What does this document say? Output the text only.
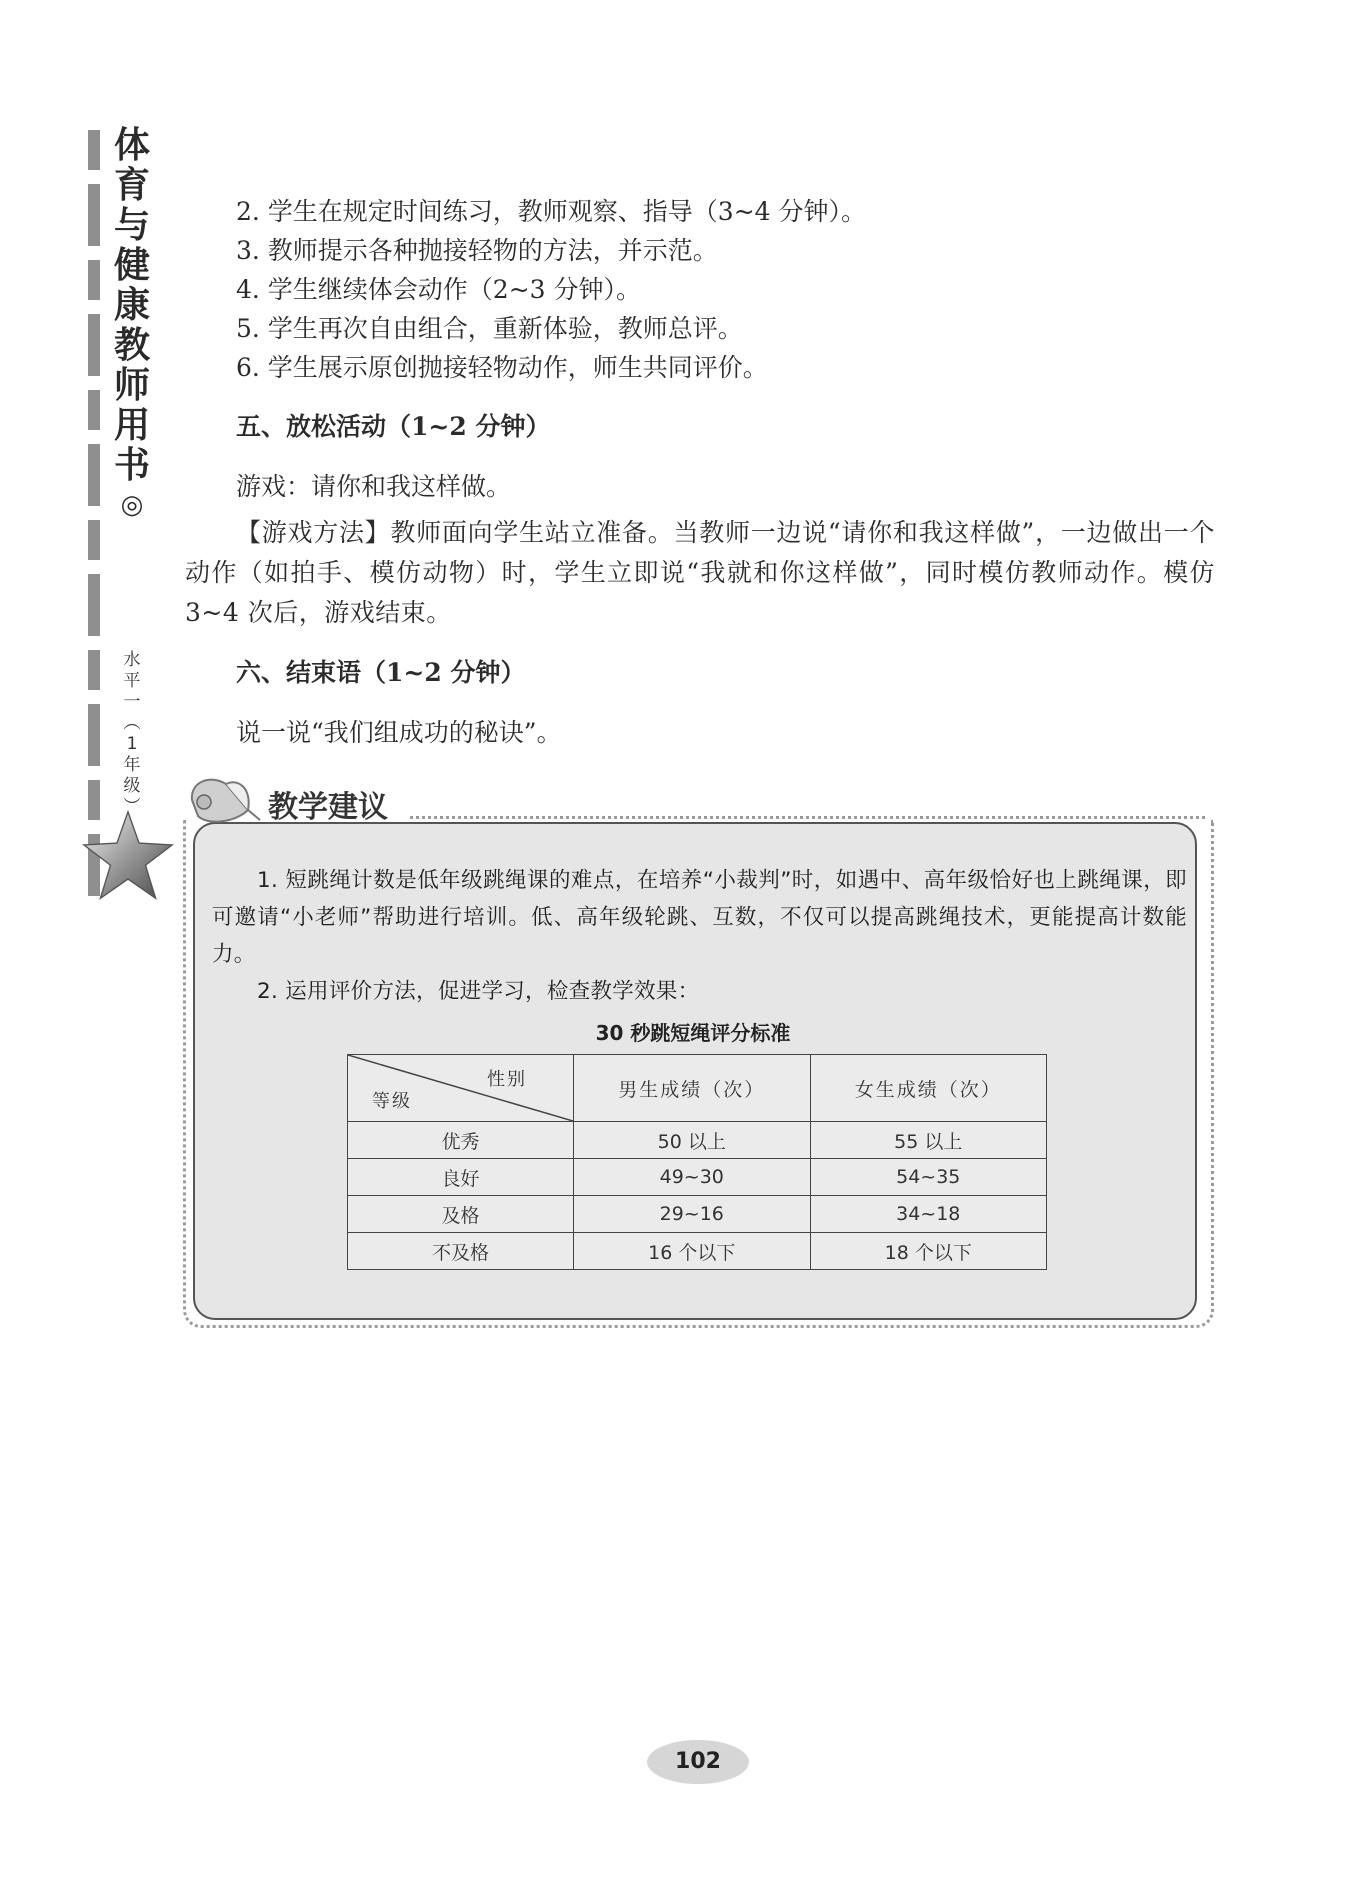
体
育
与
健
康
教
师
用
书
◎
水
平
一
︵
1
年
级
︶
2. 学生在规定时间练习，教师观察、指导（3~4 分钟）。
3. 教师提示各种抛接轻物的方法，并示范。
4. 学生继续体会动作（2~3 分钟）。
5. 学生再次自由组合，重新体验，教师总评。
6. 学生展示原创抛接轻物动作，师生共同评价。
五、放松活动（1~2 分钟）
游戏：请你和我这样做。
【游戏方法】教师面向学生站立准备。当教师一边说“请你和我这样做”，一边做出一个动作（如拍手、模仿动物）时，学生立即说“我就和你这样做”，同时模仿教师动作。模仿 3~4 次后，游戏结束。
六、结束语（1~2 分钟）
说一说“我们组成功的秘诀”。
教学建议

1. 短跳绳计数是低年级跳绳课的难点，在培养“小裁判”时，如遇中、高年级恰好也上跳绳课，即可邀请“小老师”帮助进行培训。低、高年级轮跳、互数，不仅可以提高跳绳技术，更能提高计数能力。

2. 运用评价方法，促进学习，检查教学效果：

30 秒跳短绳评分标准
性别
等级	男生成绩（次）	女生成绩（次）
优秀	50 以上	55 以上
良好	49~30	54~35
及格	29~16	34~18
不及格	16 个以下	18 个以下
102
